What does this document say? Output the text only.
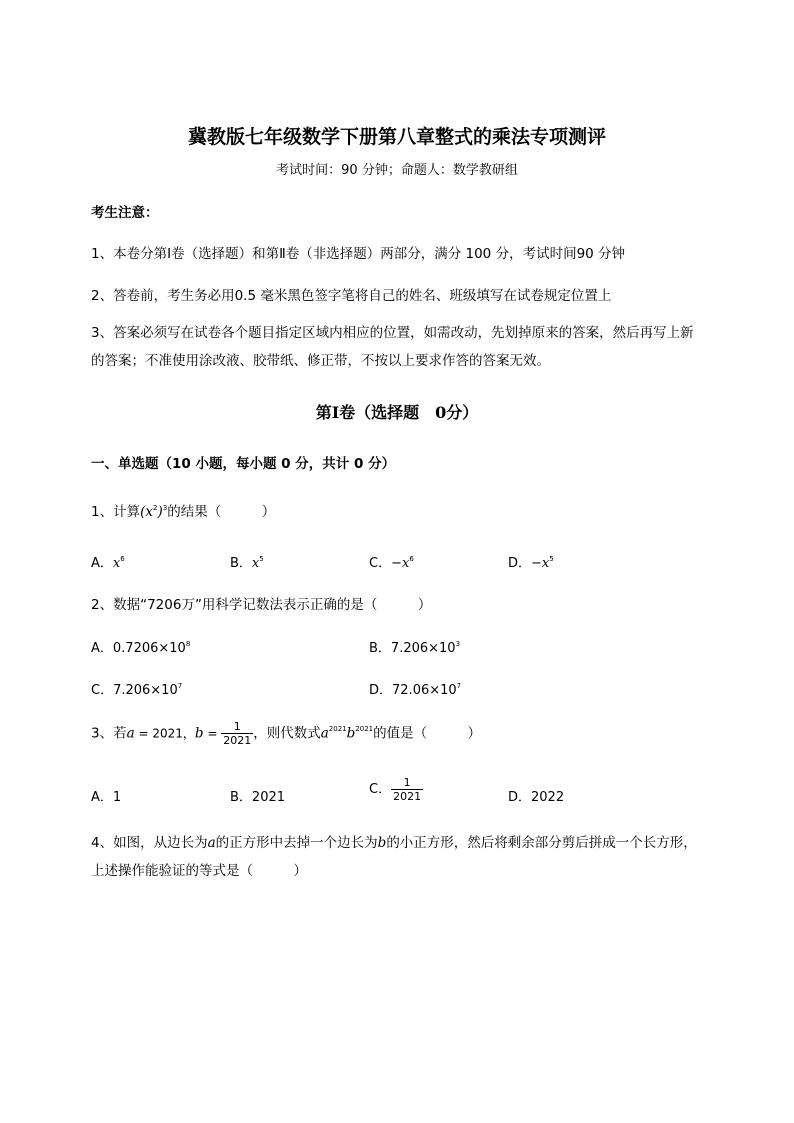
冀教版七年级数学下册第八章整式的乘法专项测评
考试时间：90 分钟；命题人：数学教研组
考生注意：
1、本卷分第Ⅰ卷（选择题）和第Ⅱ卷（非选择题）两部分，满分 100 分，考试时间90 分钟
2、答卷前，考生务必用0.5 毫米黑色签字笔将自己的姓名、班级填写在试卷规定位置上
3、答案必须写在试卷各个题目指定区域内相应的位置，如需改动，先划掉原来的答案，然后再写上新的答案；不准使用涂改液、胶带纸、修正带，不按以上要求作答的答案无效。
第Ⅰ卷（选择题　0分）
一、单选题（10 小题，每小题 0 分，共计 0 分）
1、计算$(x^2)^3$的结果（　　　）
A．$x^6$	B．$x^5$	C．$-x^6$	D．$-x^5$
2、数据“7206万”用科学记数法表示正确的是（　　　）
A．$0.7206\times 10^8$	B．$7.206\times 10^3$
C．$7.206\times 10^7$	D．$72.06\times 10^7$
3、若a = 2021，$b = \frac{1}{2021}$ ，则代数式$a^{2021}b^{2021}$的值是（　　　）
A．1	B．2021
C． $\frac{1}{2021}$	D．2022
4、如图，从边长为a的正方形中去掉一个边长为b的小正方形，然后将剩余部分剪后拼成一个长方形，上述操作能验证的等式是（　　　）
